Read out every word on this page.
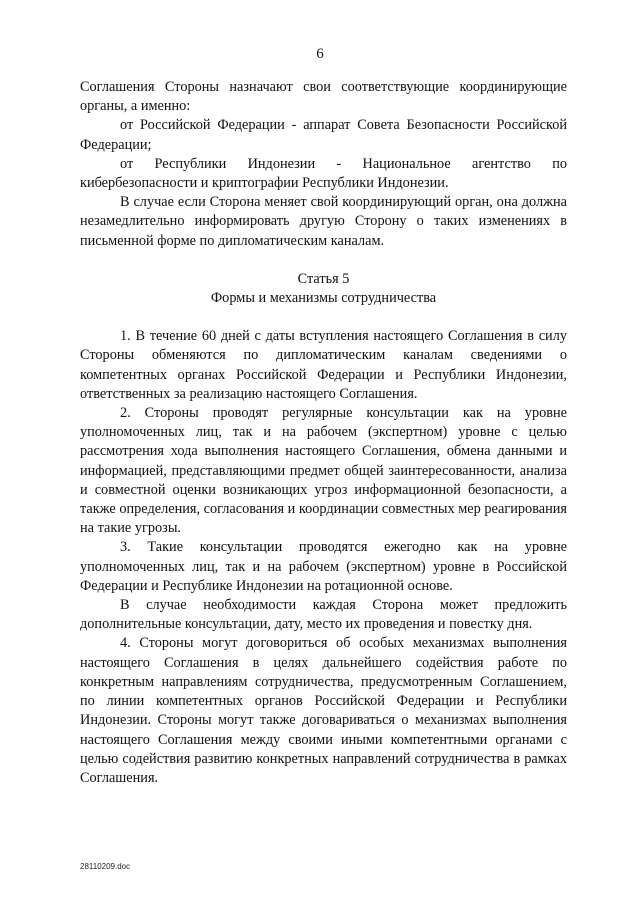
6

Соглашения Стороны назначают свои соответствующие координирующие органы, а именно:

от Российской Федерации - аппарат Совета Безопасности Российской Федерации;

от Республики Индонезии - Национальное агентство по кибербезопасности и криптографии Республики Индонезии.

В случае если Сторона меняет свой координирующий орган, она должна незамедлительно информировать другую Сторону о таких изменениях в письменной форме по дипломатическим каналам.

Статья 5
Формы и механизмы сотрудничества

1. В течение 60 дней с даты вступления настоящего Соглашения в силу Стороны обменяются по дипломатическим каналам сведениями о компетентных органах Российской Федерации и Республики Индонезии, ответственных за реализацию настоящего Соглашения.

2. Стороны проводят регулярные консультации как на уровне уполномоченных лиц, так и на рабочем (экспертном) уровне с целью рассмотрения хода выполнения настоящего Соглашения, обмена данными и информацией, представляющими предмет общей заинтересованности, анализа и совместной оценки возникающих угроз информационной безопасности, а также определения, согласования и координации совместных мер реагирования на такие угрозы.

3. Такие консультации проводятся ежегодно как на уровне уполномоченных лиц, так и на рабочем (экспертном) уровне в Российской Федерации и Республике Индонезии на ротационной основе.

В случае необходимости каждая Сторона может предложить дополнительные консультации, дату, место их проведения и повестку дня.

4. Стороны могут договориться об особых механизмах выполнения настоящего Соглашения в целях дальнейшего содействия работе по конкретным направлениям сотрудничества, предусмотренным Соглашением, по линии компетентных органов Российской Федерации и Республики Индонезии. Стороны могут также договариваться о механизмах выполнения настоящего Соглашения между своими иными компетентными органами с целью содействия развитию конкретных направлений сотрудничества в рамках Соглашения.

28110209.doc
